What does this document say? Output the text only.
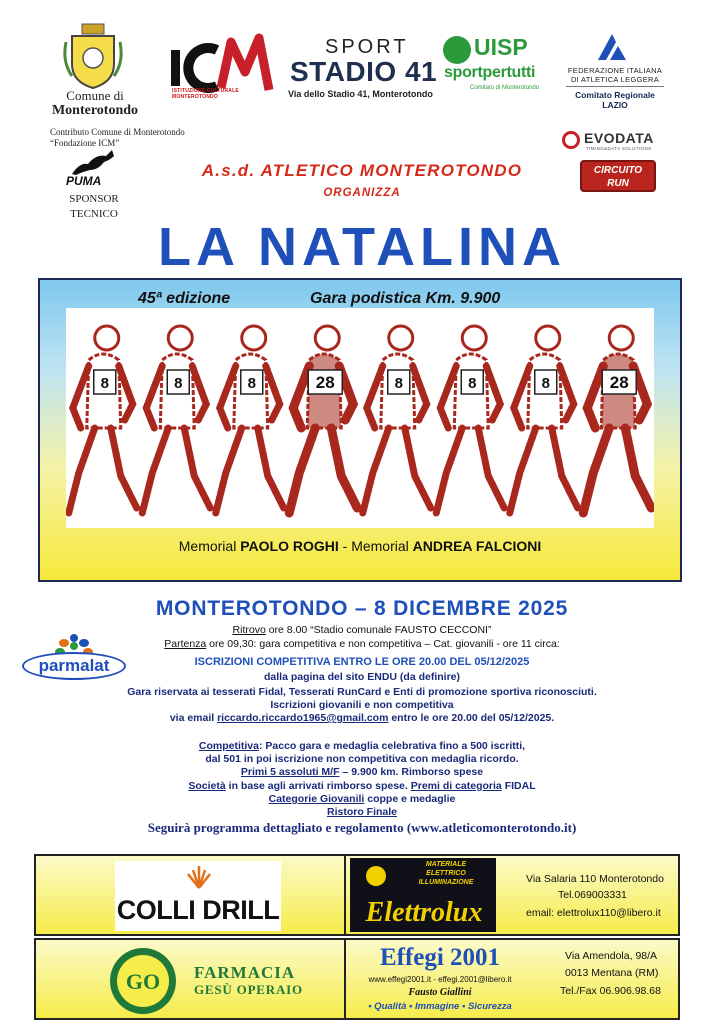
Comune di
Monterotondo
ISTITUZIONE CULTURALE MONTEROTONDO
SPORT
STADIO 41
Via dello Stadio 41, Monterotondo
UISP
sportpertutti
Comitato di Monterotondo
FEDERAZIONE ITALIANA
DI ATLETICA LEGGERA
Comitato Regionale LAZIO
Contributo Comune di Monterotondo
“Fondazione ICM”
PUMA
SPONSOR
TECNICO
EVODATA
TIMING&DATA SOLUTIONS
CIRCUITO
RUN
A.s.d. ATLETICO MONTEROTONDO
ORGANIZZA
LA NATALINA
45ª edizione	Gara podistica Km. 9.900
8	8	8	28	8	8	8	28
Memorial PAOLO ROGHI - Memorial ANDREA FALCIONI
MONTEROTONDO – 8 DICEMBRE 2025
Ritrovo ore 8.00 “Stadio comunale FAUSTO CECCONI”
Partenza ore 09,30: gara competitiva e non competitiva – Cat. giovanili - ore 11 circa:
ISCRIZIONI COMPETITIVA ENTRO LE ORE 20.00 DEL 05/12/2025
dalla pagina del sito ENDU (da definire)
Gara riservata ai tesserati Fidal, Tesserati RunCard e Enti di promozione sportiva riconosciuti.
Iscrizioni giovanili e non competitiva
via email riccardo.riccardo1965@gmail.com entro le ore 20.00 del 05/12/2025.
Competitiva: Pacco gara e medaglia celebrativa fino a 500 iscritti,
dal 501 in poi iscrizione non competitiva con medaglia ricordo.
Primi 5 assoluti M/F – 9.900 km. Rimborso spese
Società in base agli arrivati rimborso spese. Premi di categoria FIDAL
Categorie Giovanili coppe e medaglie
Ristoro Finale
Seguirà programma dettagliato e regolamento (www.atleticomonterotondo.it)
parmalat
COLLI DRILL
MATERIALE
ELETTRICO
ILLUMINAZIONE
Elettrolux
Via Salaria 110 Monterotondo
Tel.069003331
email: elettrolux110@libero.it
GO FARMACIA
GESÙ OPERAIO
Effegi 2001
www.effegi2001.it - effegi.2001@libero.it
Fausto Giallini
• Qualità • Immagine • Sicurezza
Via Amendola, 98/A
0013 Mentana (RM)
Tel./Fax 06.906.98.68
